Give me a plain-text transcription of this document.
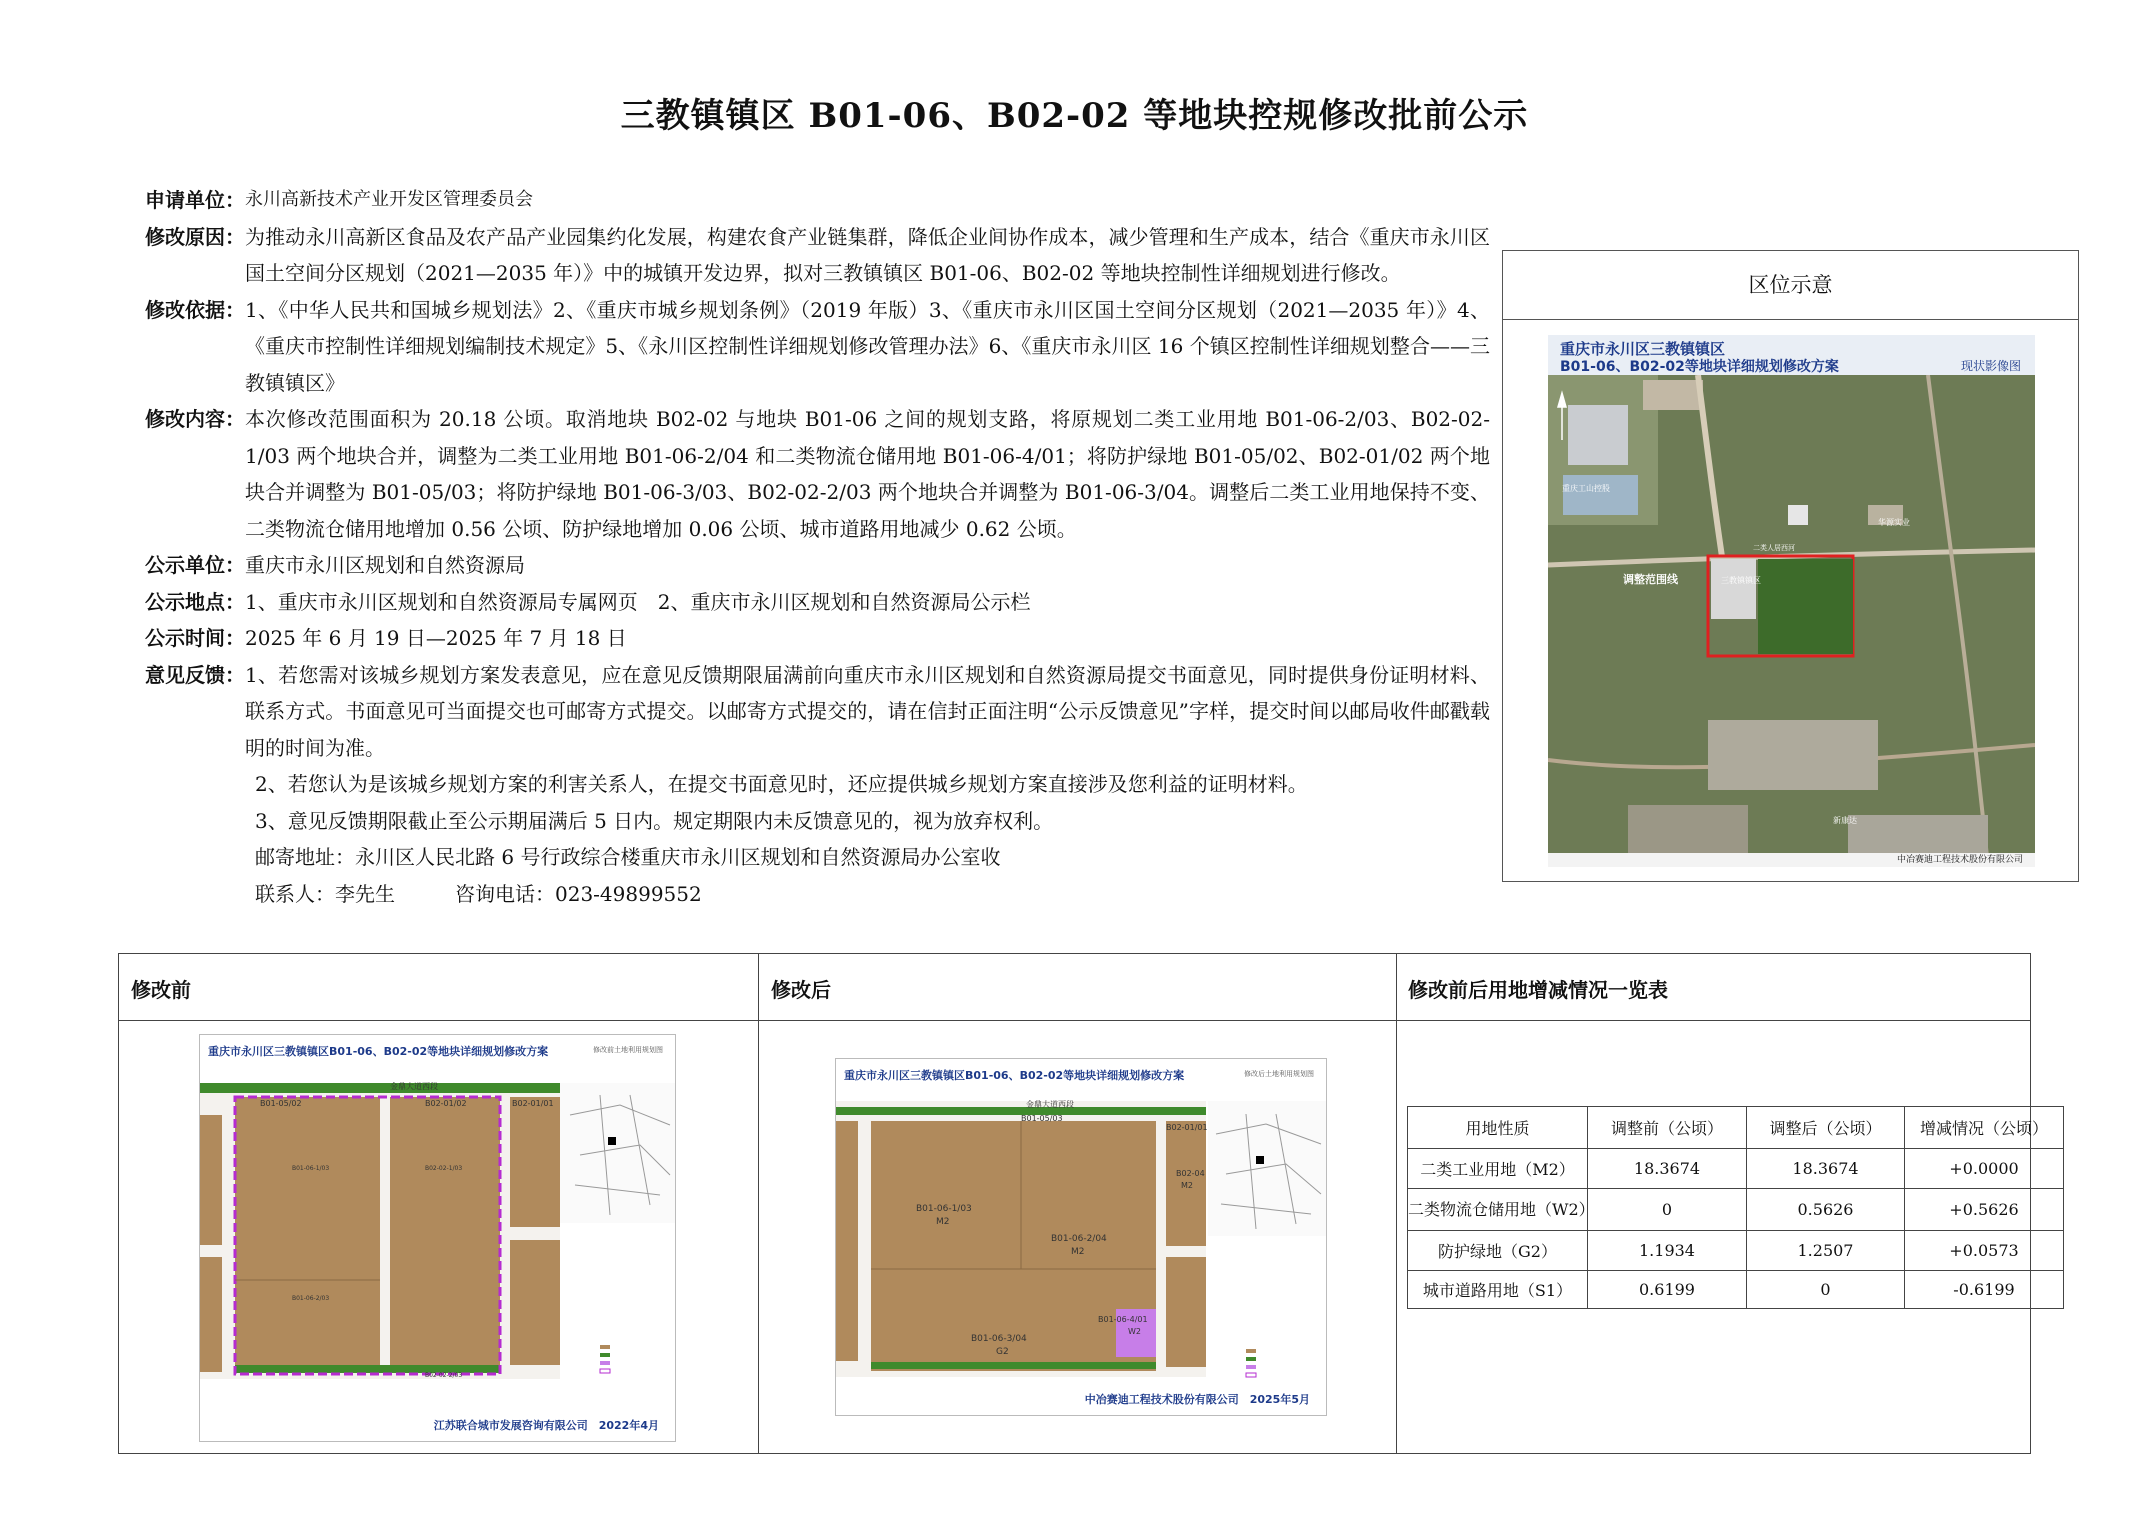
三教镇镇区 B01-06、B02-02 等地块控规修改批前公示
申请单位： 永川高新技术产业开发区管理委员会
修改原因： 为推动永川高新区食品及农产品产业园集约化发展，构建农食产业链集群，降低企业间协作成本，减少管理和生产成本，结合《重庆市永川区国土空间分区规划（2021—2035 年）》中的城镇开发边界，拟对三教镇镇区 B01-06、B02-02 等地块控制性详细规划进行修改。
修改依据： 1、《中华人民共和国城乡规划法》2、《重庆市城乡规划条例》（2019 年版）3、《重庆市永川区国土空间分区规划（2021—2035 年）》4、《重庆市控制性详细规划编制技术规定》5、《永川区控制性详细规划修改管理办法》6、《重庆市永川区 16 个镇区控制性详细规划整合——三教镇镇区》
修改内容： 本次修改范围面积为 20.18 公顷。取消地块 B02-02 与地块 B01-06 之间的规划支路，将原规划二类工业用地 B01-06-2/03、B02-02-1/03 两个地块合并，调整为二类工业用地 B01-06-2/04 和二类物流仓储用地 B01-06-4/01；将防护绿地 B01-05/02、B02-01/02 两个地块合并调整为 B01-05/03；将防护绿地 B01-06-3/03、B02-02-2/03 两个地块合并调整为 B01-06-3/04。调整后二类工业用地保持不变、二类物流仓储用地增加 0.56 公顷、防护绿地增加 0.06 公顷、城市道路用地减少 0.62 公顷。
公示单位： 重庆市永川区规划和自然资源局
公示地点： 1、重庆市永川区规划和自然资源局专属网页　2、重庆市永川区规划和自然资源局公示栏
公示时间： 2025 年 6 月 19 日—2025 年 7 月 18 日
意见反馈： 1、若您需对该城乡规划方案发表意见，应在意见反馈期限届满前向重庆市永川区规划和自然资源局提交书面意见，同时提供身份证明材料、联系方式。书面意见可当面提交也可邮寄方式提交。以邮寄方式提交的，请在信封正面注明“公示反馈意见”字样，提交时间以邮局收件邮戳载明的时间为准。
2、若您认为是该城乡规划方案的利害关系人，在提交书面意见时，还应提供城乡规划方案直接涉及您利益的证明材料。
3、意见反馈期限截止至公示期届满后 5 日内。规定期限内未反馈意见的，视为放弃权利。
邮寄地址：永川区人民北路 6 号行政综合楼重庆市永川区规划和自然资源局办公室收
联系人：李先生　　　咨询电话：023-49899552
区位示意
重庆市永川区三教镇镇区
B01-06、B02-02等地块详细规划修改方案	现状影像图
调整范围线
重庆工山控股
三教镇镇区
二类人居西河
华源实业
新康达
中冶赛迪工程技术股份有限公司
修改前	修改后	修改前后用地增减情况一览表
重庆市永川区三教镇镇区B01-06、B02-02等地块详细规划修改方案	修改前土地利用规划图
金鼎大道西段
B01-05/02	B02-01/02	B02-01/01
B01-06-1/03	B02-02-1/03
B01-06-2/03
B02-02-2/03
江苏联合城市发展咨询有限公司　2022年4月
重庆市永川区三教镇镇区B01-06、B02-02等地块详细规划修改方案	修改后土地利用规划图
金鼎大道西段
B01-05/03
B02-01/01
B01-06-1/03
M2
B01-06-2/04
M2
B01-06-4/01
W2
B01-06-3/04
G2
B02-04
M2
中冶赛迪工程技术股份有限公司　2025年5月
用地性质	调整前（公顷）	调整后（公顷）	增减情况（公顷）
二类工业用地（M2）	18.3674	18.3674	+0.0000
二类物流仓储用地（W2）	0	0.5626	+0.5626
防护绿地（G2）	1.1934	1.2507	+0.0573
城市道路用地（S1）	0.6199	0	-0.6199
